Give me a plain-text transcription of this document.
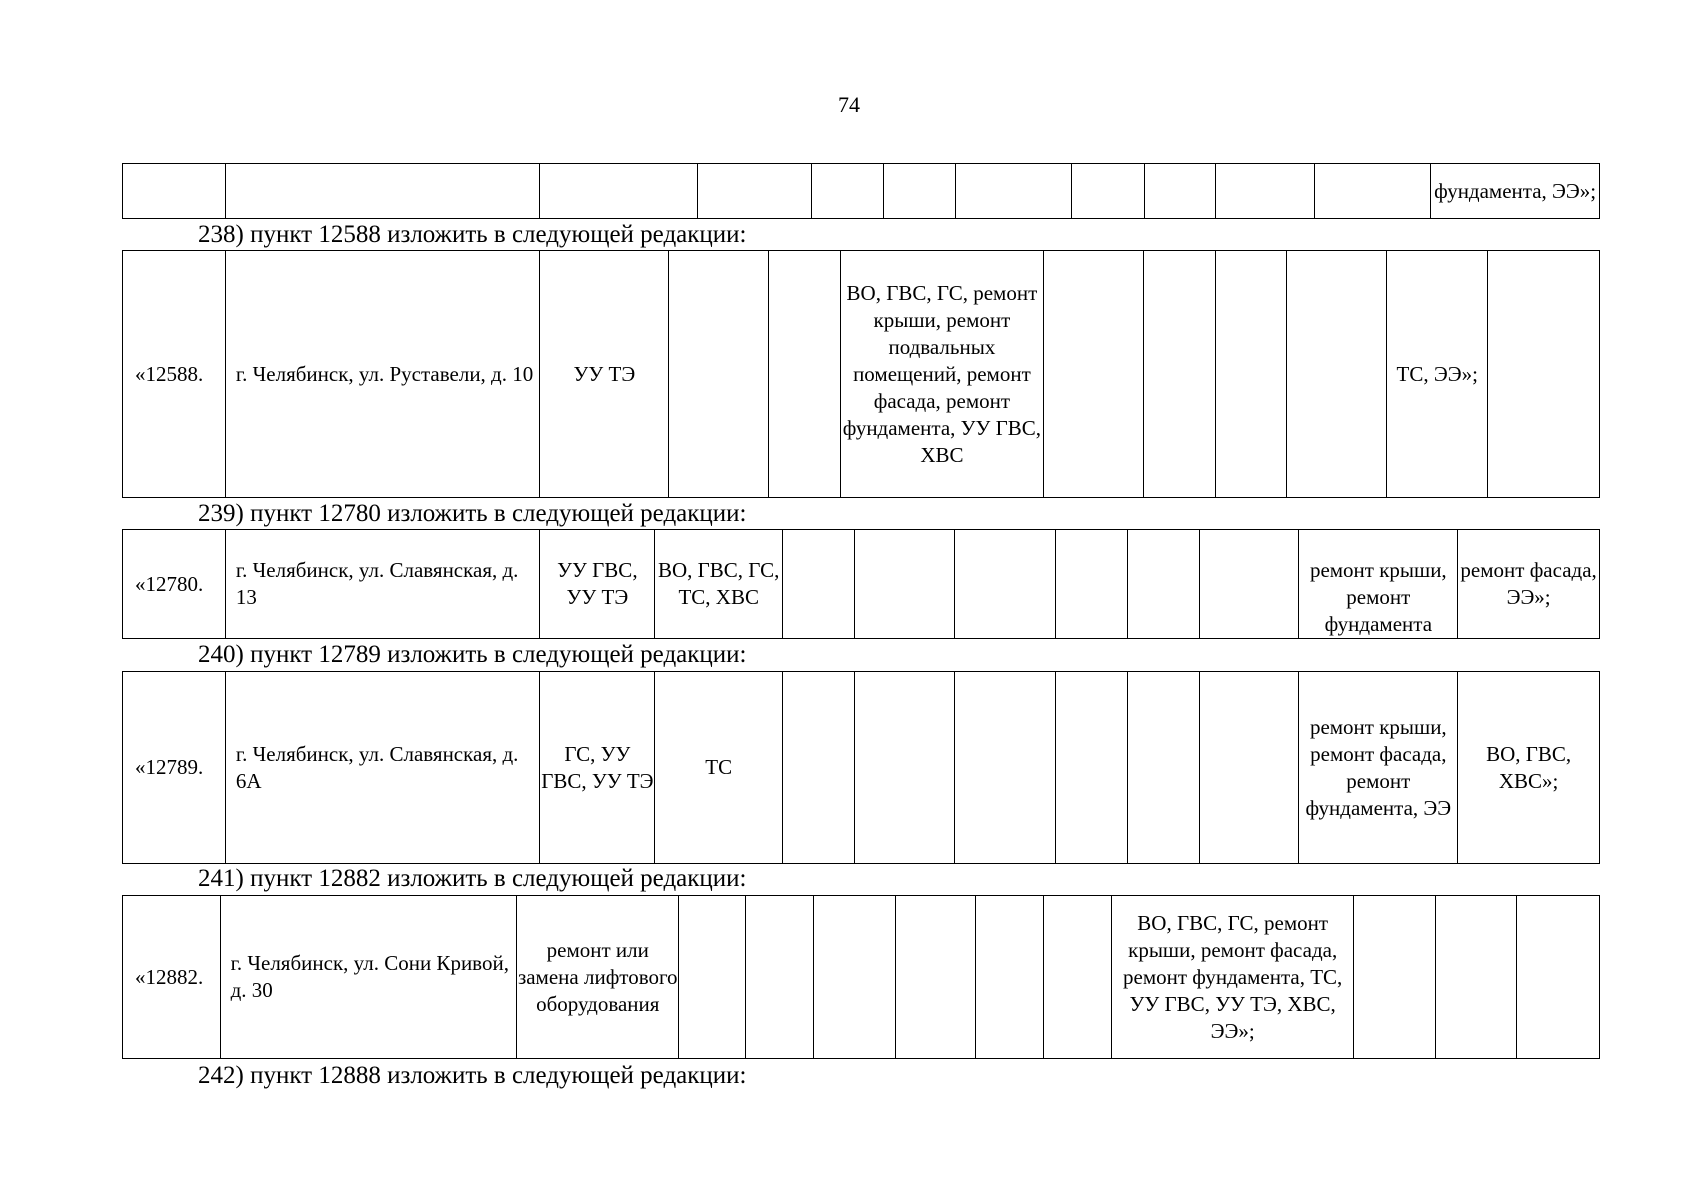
74
фундамента, ЭЭ»;
238) пункт 12588 изложить в следующей редакции:
«12588.	г. Челябинск, ул. Руставели, д. 10	УУ ТЭ
ВО, ГВС, ГС, ремонт крыши, ремонт подвальных помещений, ремонт фасада, ремонт фундамента, УУ ГВС, ХВС
ТС, ЭЭ»;
239) пункт 12780 изложить в следующей редакции:
«12780.
г. Челябинск, ул. Славянская, д. 13
УУ ГВС, УУ ТЭ
ВО, ГВС, ГС, ТС, ХВС
ремонт крыши, ремонт фундамента
ремонт фасада, ЭЭ»;
240) пункт 12789 изложить в следующей редакции:
«12789.
г. Челябинск, ул. Славянская, д. 6А
ГС, УУ ГВС, УУ ТЭ
ТС
ремонт крыши, ремонт фасада, ремонт фундамента, ЭЭ
ВО, ГВС, ХВС»;
241) пункт 12882 изложить в следующей редакции:
«12882.
г. Челябинск, ул. Сони Кривой, д. 30
ремонт или замена лифтового оборудования
ВО, ГВС, ГС, ремонт крыши, ремонт фасада, ремонт фундамента, ТС, УУ ГВС, УУ ТЭ, ХВС, ЭЭ»;
242) пункт 12888 изложить в следующей редакции:
